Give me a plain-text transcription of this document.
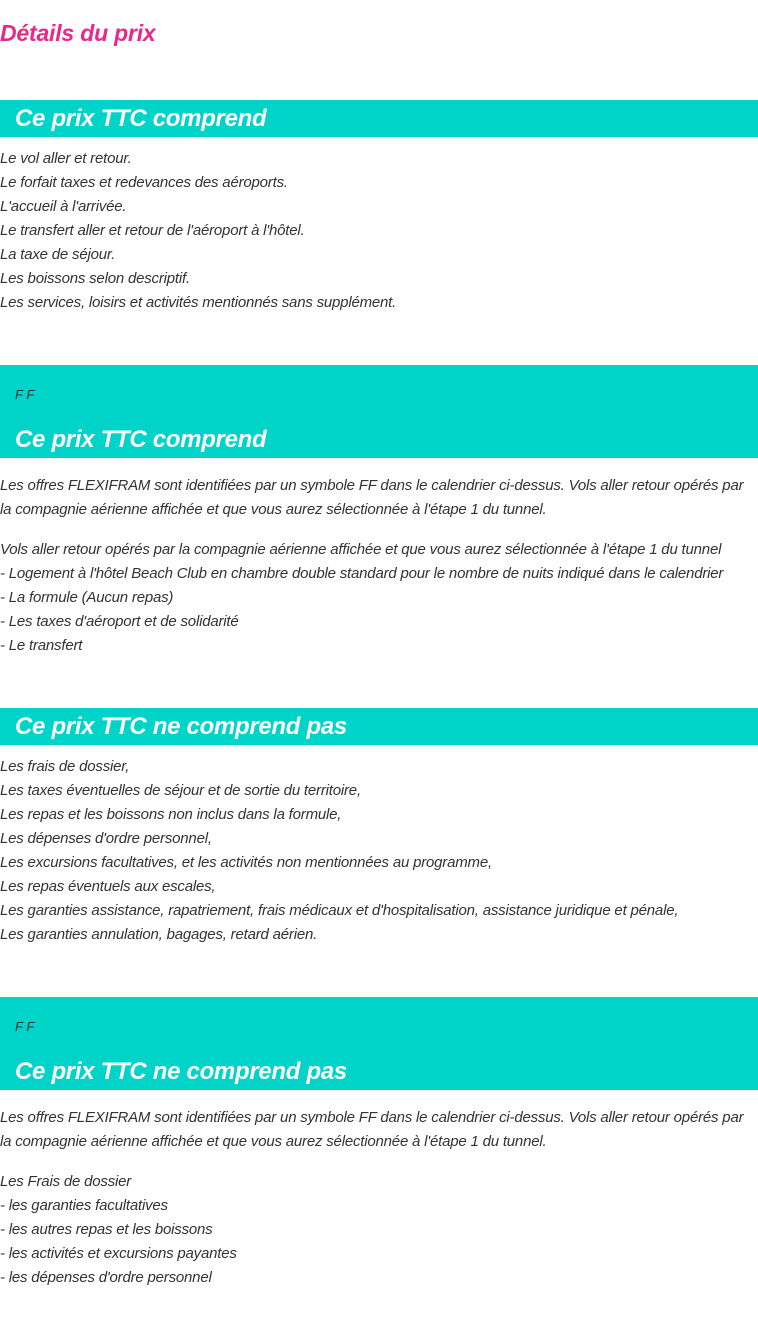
Détails du prix
Ce prix TTC comprend
Le vol aller et retour.
Le forfait taxes et redevances des aéroports.
L'accueil à l'arrivée.
Le transfert aller et retour de l'aéroport à l'hôtel.
La taxe de séjour.
Les boissons selon descriptif.
Les services, loisirs et activités mentionnés sans supplément.
F F
Ce prix TTC comprend

Les offres FLEXIFRAM sont identifiées par un symbole FF dans le calendrier ci-dessus. Vols aller retour opérés par la compagnie aérienne affichée et que vous aurez sélectionnée à l'étape 1 du tunnel.

Vols aller retour opérés par la compagnie aérienne affichée et que vous aurez sélectionnée à l'étape 1 du tunnel
- Logement à l'hôtel Beach Club en chambre double standard pour le nombre de nuits indiqué dans le calendrier
- La formule (Aucun repas)
- Les taxes d'aéroport et de solidarité
- Le transfert
Ce prix TTC ne comprend pas
Les frais de dossier,
Les taxes éventuelles de séjour et de sortie du territoire,
Les repas et les boissons non inclus dans la formule,
Les dépenses d'ordre personnel,
Les excursions facultatives, et les activités non mentionnées au programme,
Les repas éventuels aux escales,
Les garanties assistance, rapatriement, frais médicaux et d'hospitalisation, assistance juridique et pénale,
Les garanties annulation, bagages, retard aérien.
F F
Ce prix TTC ne comprend pas

Les offres FLEXIFRAM sont identifiées par un symbole FF dans le calendrier ci-dessus. Vols aller retour opérés par la compagnie aérienne affichée et que vous aurez sélectionnée à l'étape 1 du tunnel.

Les Frais de dossier
- les garanties facultatives
- les autres repas et les boissons
- les activités et excursions payantes
- les dépenses d'ordre personnel
